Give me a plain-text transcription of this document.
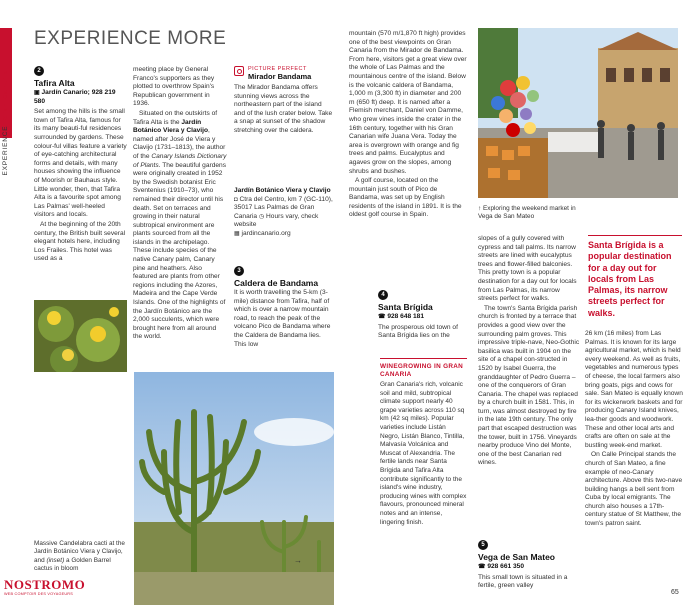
EXPERIENCE  Gran Canaria
EXPERIENCE MORE
2
Tafira Alta
▣ Jardín Canario; 928 219 580

Set among the hills is the small town of Tafira Alta, famous for its many beauti-ful residences surrounded by gardens. These colour-ful villas feature a variety of eye-catching architectural forms and details, with many houses showing the influence of Moorish or Bauhaus style. Little wonder, then, that Tafira Alta is a favourite spot among Las Palmas' well-heeled visitors and locals.

At the beginning of the 20th century, the British built several elegant hotels here, including Los Frailes. This hotel was used as a

meeting place by General Franco's supporters as they plotted to overthrow Spain's Republican government in 1936.

Situated on the outskirts of Tafira Alta is the Jardín Botánico Viera y Clavijo, named after José de Viera y Clavijo (1731–1813), the author of the Canary Islands Dictionary of Plants. The beautiful gardens were originally created in 1952 by the Swedish botanist Eric Sventenius (1910–73), who remained their director until his death. Set on terraces and growing in their natural subtropical environment are plants sourced from all the islands in the archipelago. These include species of the native Canary palm, Canary pine and heathers. Also featured are plants from other regions including the Azores, Madeira and the Cape Verde Islands. One of the highlights of the Jardín Botánico are the 2,000 succulents, which were brought here from all around the world.

PICTURE PERFECT
Mirador Bandama
The Mirador Bandama offers stunning views across the northeastern part of the island and of the lush crater below. Take a snap at sunset of the shadow stretching over the caldera.
Jardín Botánico Viera y Clavijo
◘ Ctra del Centro, km 7 (GC-110), 35017 Las Palmas de Gran Canaria ◷ Hours vary, check website
▦ jardincanario.org
3
Caldera de Bandama

It is worth travelling the 5-km (3-mile) distance from Tafira, half of which is over a narrow mountain road, to reach the peak of the volcano Pico de Bandama where the Caldera de Bandama lies. This low

Massive Candelabra cacti at the Jardín Botánico Viera y Clavijo, and (inset) a Golden Barrel cactus in bloom
→

mountain (570 m/1,870 ft high) provides one of the best viewpoints on Gran Canaria from the Mirador de Bandama. From here, visitors get a great view over the whole of Las Palmas and the mountainous centre of the island. Below is the volcanic caldera of Bandama, 1,000 m (3,300 ft) in diameter and 200 m (650 ft) deep. It is named after a Flemish merchant, Daniel von Damme, who grew vines inside the crater in the 16th century, together with his Gran Canarian wife Juana Vera. Today the area is overgrown with orange and fig trees and palms. Eucalyptus and agaves grow on the slopes, among shrubs and bushes.

A golf course, located on the mountain just south of Pico de Bandama, was set up by English residents of the island in 1891. It is the oldest golf course in Spain.

4
Santa Brígida
☎ 928 648 181

The prosperous old town of Santa Brígida lies on the

WINEGROWING IN GRAN CANARIA
Gran Canaria's rich, volcanic soil and mild, subtropical climate support nearly 40 grape varieties across 110 sq km (42 sq miles). Popular varieties include Listán Negro, Listán Blanco, Tintilla, Malvasía Volcánica and Muscat of Alexandria. The fertile lands near Santa Brígida and Tafira Alta contribute significantly to the island's wine industry, producing wines with complex flavours, pronounced mineral notes and an intense, lingering finish.
↑ Exploring the weekend market in Vega de San Mateo

slopes of a gully covered with cypress and tall palms. Its narrow streets are lined with eucalyptus trees and flower-filled balconies. This pretty town is a popular destination for a day out for locals from Las Palmas, its narrow streets perfect for walks.

The town's Santa Brígida parish church is fronted by a terrace that provides a good view over the surrounding palm groves. This impressive triple-nave, Neo-Gothic basilica was built in 1904 on the site of a chapel con-structed in 1520 by Isabel Guerra, the granddaughter of Pedro Guerra – one of the conquerors of Gran Canaria. The chapel was replaced by a church built in 1581. This, in turn, was almost destroyed by fire in the late 19th century. The only part that escaped destruction was the tower, built in 1756. Vineyards nearby produce Vino del Monte, one of the best Canarian red wines.

5
Vega de San Mateo
☎ 928 661 350

This small town is situated in a fertile, green valley

Santa Brígida is a popular destination for a day out for locals from Las Palmas, its narrow streets perfect for walks.

26 km (16 miles) from Las Palmas. It is known for its large agricultural market, which is held every weekend. As well as fruits, vegetables and numerous types of cheese, the local farmers also bring goats, pigs and cows for sale. San Mateo is equally known for its wickerwork baskets and for producing Canary Island knives, lea-ther goods and woodwork. These and other local arts and crafts are often on sale at the bustling week-end market.

On Calle Principal stands the church of San Mateo, a fine example of neo-Canary architecture. Above this two-nave building hangs a bell sent from Cuba by local emigrants. The church also houses a 17th-century statue of St Matthew, the town's patron saint.

65
NOSTROMO
WEB COMPTOIR DES VOYAGEURS
